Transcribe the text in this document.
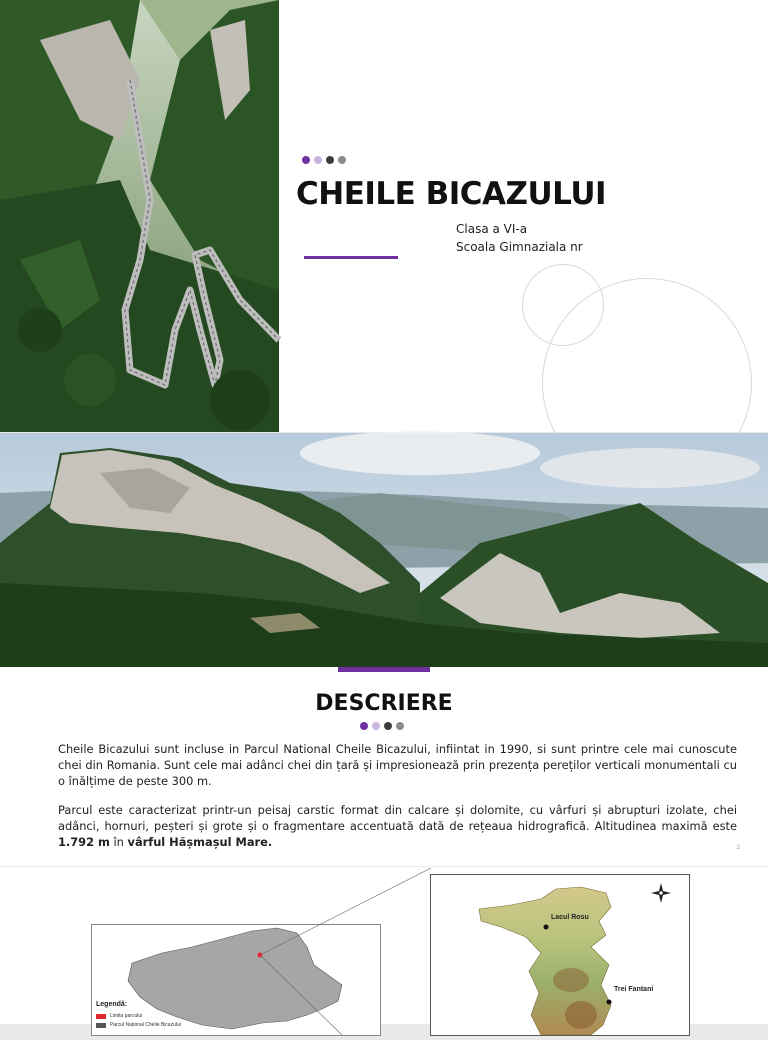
CHEILE BICAZULUI
Clasa a VI-a
Scoala Gimnaziala nr
DESCRIERE

Cheile Bicazului sunt incluse in Parcul National Cheile Bicazului, infiintat in 1990, si sunt printre cele mai cunoscute chei din Romania. Sunt cele mai adânci chei din țară și impresionează prin prezența pereților verticali monumentali cu o înălțime de peste 300 m.

Parcul este caracterizat printr-un peisaj carstic format din calcare și dolomite, cu vârfuri și abrupturi izolate, chei adânci, hornuri, peșteri și grote și o fragmentare accentuată dată de rețeaua hidrografică. Altitudinea maximă este 1.792 m în vârful Hășmașul Mare.	2
Legendă:
Limita parcului
Parcul Național Cheile Bicazului
Lacul Rosu
Trei Fantani
